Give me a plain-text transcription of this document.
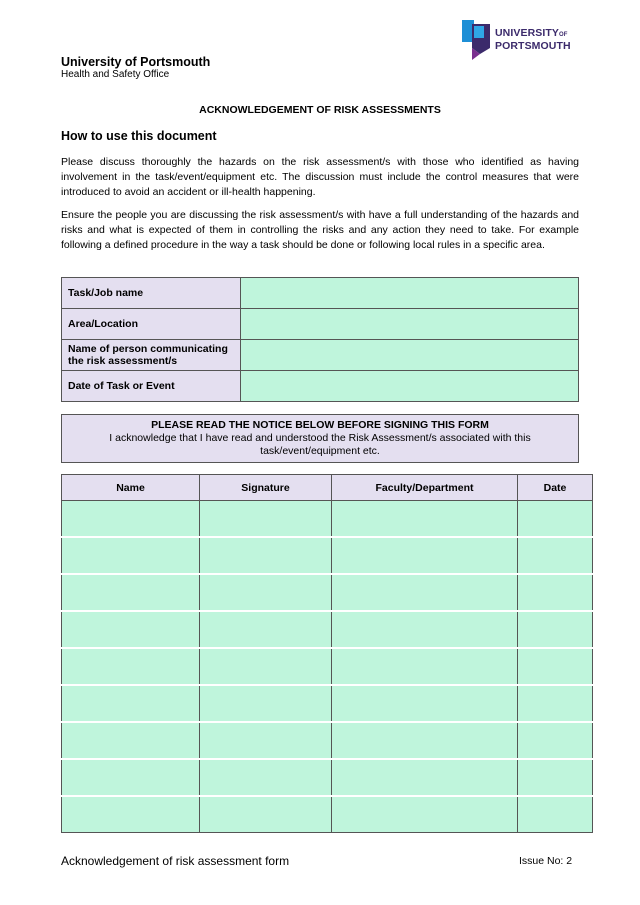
University of Portsmouth
Health and Safety Office
UNIVERSITYOF
PORTSMOUTH
ACKNOWLEDGEMENT OF RISK ASSESSMENTS
How to use this document
Please discuss thoroughly the hazards on the risk assessment/s with those who identified as having involvement in the task/event/equipment etc. The discussion must include the control measures that were introduced to avoid an accident or ill-health happening.
Ensure the people you are discussing the risk assessment/s with have a full understanding of the hazards and risks and what is expected of them in controlling the risks and any action they need to take. For example following a defined procedure in the way a task should be done or following local rules in a specific area.
Task/Job name	
Area/Location	
Name of person communicating the risk assessment/s	
Date of Task or Event	
PLEASE READ THE NOTICE BELOW BEFORE SIGNING THIS FORM
I acknowledge that I have read and understood the Risk Assessment/s associated with this task/event/equipment etc.
Name	Signature	Faculty/Department	Date

Acknowledgement of risk assessment form	Issue No: 2
